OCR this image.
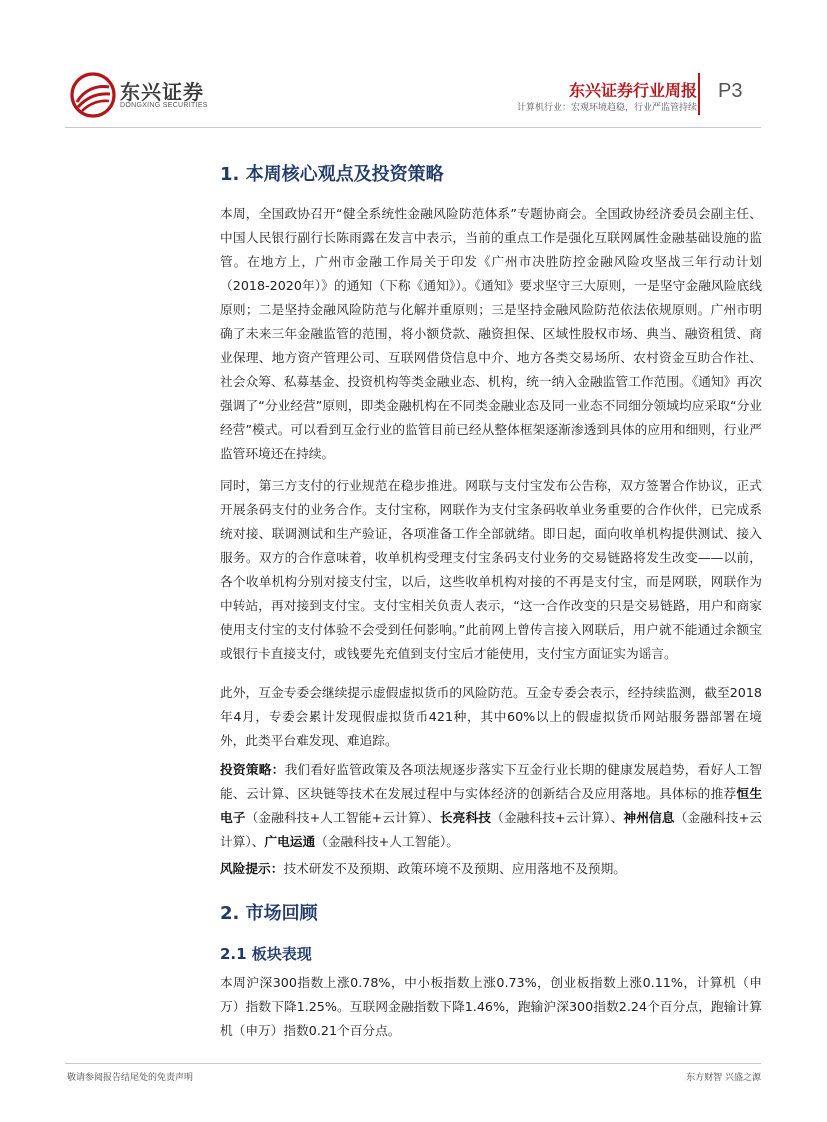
东兴证券
DONGXING SECURITIES
东兴证券行业周报
计算机行业：宏观环境趋稳，行业严监管持续
P3
1. 本周核心观点及投资策略

本周，全国政协召开“健全系统性金融风险防范体系”专题协商会。全国政协经济委员会副主任、中国人民银行副行长陈雨露在发言中表示，当前的重点工作是强化互联网属性金融基础设施的监管。在地方上，广州市金融工作局关于印发《广州市决胜防控金融风险攻坚战三年行动计划（2018-2020年）》的通知（下称《通知》）。《通知》要求坚守三大原则，一是坚守金融风险底线原则；二是坚持金融风险防范与化解并重原则；三是坚持金融风险防范依法依规原则。广州市明确了未来三年金融监管的范围，将小额贷款、融资担保、区域性股权市场、典当、融资租赁、商业保理、地方资产管理公司、互联网借贷信息中介、地方各类交易场所、农村资金互助合作社、社会众筹、私募基金、投资机构等类金融业态、机构，统一纳入金融监管工作范围。《通知》再次强调了“分业经营”原则，即类金融机构在不同类金融业态及同一业态不同细分领域均应采取“分业经营”模式。可以看到互金行业的监管目前已经从整体框架逐渐渗透到具体的应用和细则，行业严监管环境还在持续。

同时，第三方支付的行业规范在稳步推进。网联与支付宝发布公告称，双方签署合作协议，正式开展条码支付的业务合作。支付宝称，网联作为支付宝条码收单业务重要的合作伙伴，已完成系统对接、联调测试和生产验证，各项准备工作全部就绪。即日起，面向收单机构提供测试、接入服务。双方的合作意味着，收单机构受理支付宝条码支付业务的交易链路将发生改变——以前，各个收单机构分别对接支付宝，以后，这些收单机构对接的不再是支付宝，而是网联，网联作为中转站，再对接到支付宝。支付宝相关负责人表示，“这一合作改变的只是交易链路，用户和商家使用支付宝的支付体验不会受到任何影响。”此前网上曾传言接入网联后，用户就不能通过余额宝或银行卡直接支付，或钱要先充值到支付宝后才能使用，支付宝方面证实为谣言。

此外，互金专委会继续提示虚假虚拟货币的风险防范。互金专委会表示，经持续监测，截至2018年4月，专委会累计发现假虚拟货币421种，其中60%以上的假虚拟货币网站服务器部署在境外，此类平台难发现、难追踪。

投资策略：我们看好监管政策及各项法规逐步落实下互金行业长期的健康发展趋势，看好人工智能、云计算、区块链等技术在发展过程中与实体经济的创新结合及应用落地。具体标的推荐恒生电子（金融科技+人工智能+云计算）、长亮科技（金融科技+云计算）、神州信息（金融科技+云计算）、广电运通（金融科技+人工智能）。

风险提示：技术研发不及预期、政策环境不及预期、应用落地不及预期。

2. 市场回顾
2.1 板块表现

本周沪深300指数上涨0.78%，中小板指数上涨0.73%，创业板指数上涨0.11%，计算机（申万）指数下降1.25%。互联网金融指数下降1.46%，跑输沪深300指数2.24个百分点，跑输计算机（申万）指数0.21个百分点。

敬请参阅报告结尾处的免责声明	东方财智 兴盛之源
